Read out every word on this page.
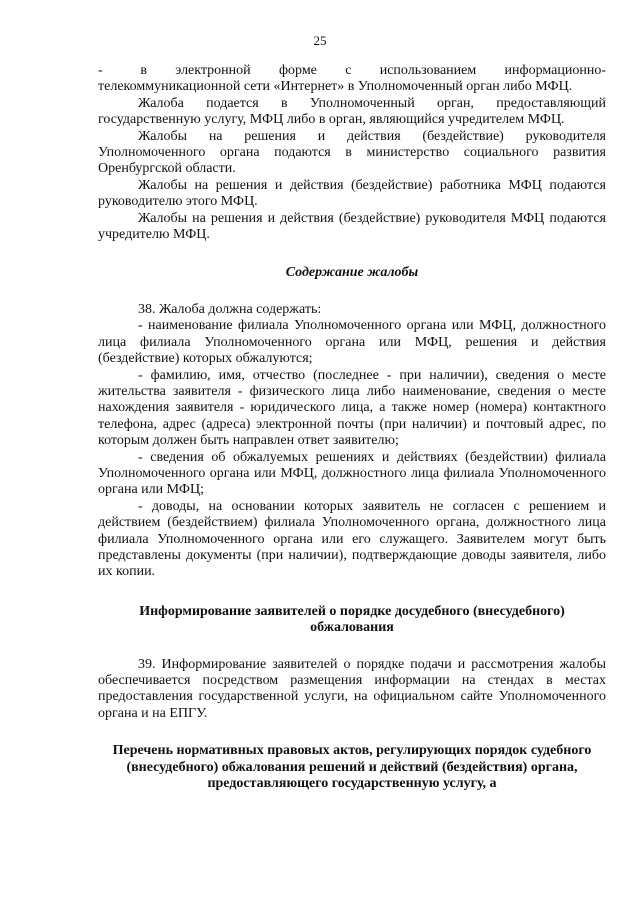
25

-    в   электронной   форме   с   использованием   информационно-телекоммуникационной сети «Интернет» в Уполномоченный орган либо МФЦ.

Жалоба подается в Уполномоченный орган, предоставляющий государственную услугу, МФЦ либо в орган, являющийся учредителем МФЦ.

Жалобы на решения и действия (бездействие) руководителя Уполномоченного органа подаются в министерство социального развития Оренбургской области.

Жалобы на решения и действия (бездействие) работника МФЦ подаются руководителю этого МФЦ.

Жалобы на решения и действия (бездействие) руководителя МФЦ подаются учредителю МФЦ.

Содержание жалобы

38. Жалоба должна содержать:

- наименование филиала Уполномоченного органа или МФЦ, должностного лица филиала Уполномоченного органа или МФЦ, решения и действия (бездействие) которых обжалуются;

- фамилию, имя, отчество (последнее - при наличии), сведения о месте жительства заявителя - физического лица либо наименование, сведения о месте нахождения заявителя - юридического лица, а также номер (номера) контактного телефона, адрес (адреса) электронной почты (при наличии) и почтовый адрес, по которым должен быть направлен ответ заявителю;

- сведения об обжалуемых решениях и действиях (бездействии) филиала Уполномоченного органа или МФЦ, должностного лица филиала Уполномоченного органа или МФЦ;

- доводы, на основании которых заявитель не согласен с решением и действием (бездействием) филиала Уполномоченного органа, должностного лица филиала Уполномоченного органа или его служащего. Заявителем могут быть представлены документы (при наличии), подтверждающие доводы заявителя, либо их копии.

Информирование заявителей о порядке досудебного (внесудебного) обжалования

39. Информирование заявителей о порядке подачи и рассмотрения жалобы обеспечивается посредством размещения информации на стендах в местах предоставления государственной услуги, на официальном сайте Уполномоченного органа и на ЕПГУ.

Перечень нормативных правовых актов, регулирующих порядок судебного (внесудебного) обжалования решений и действий (бездействия) органа, предоставляющего государственную услугу, а
